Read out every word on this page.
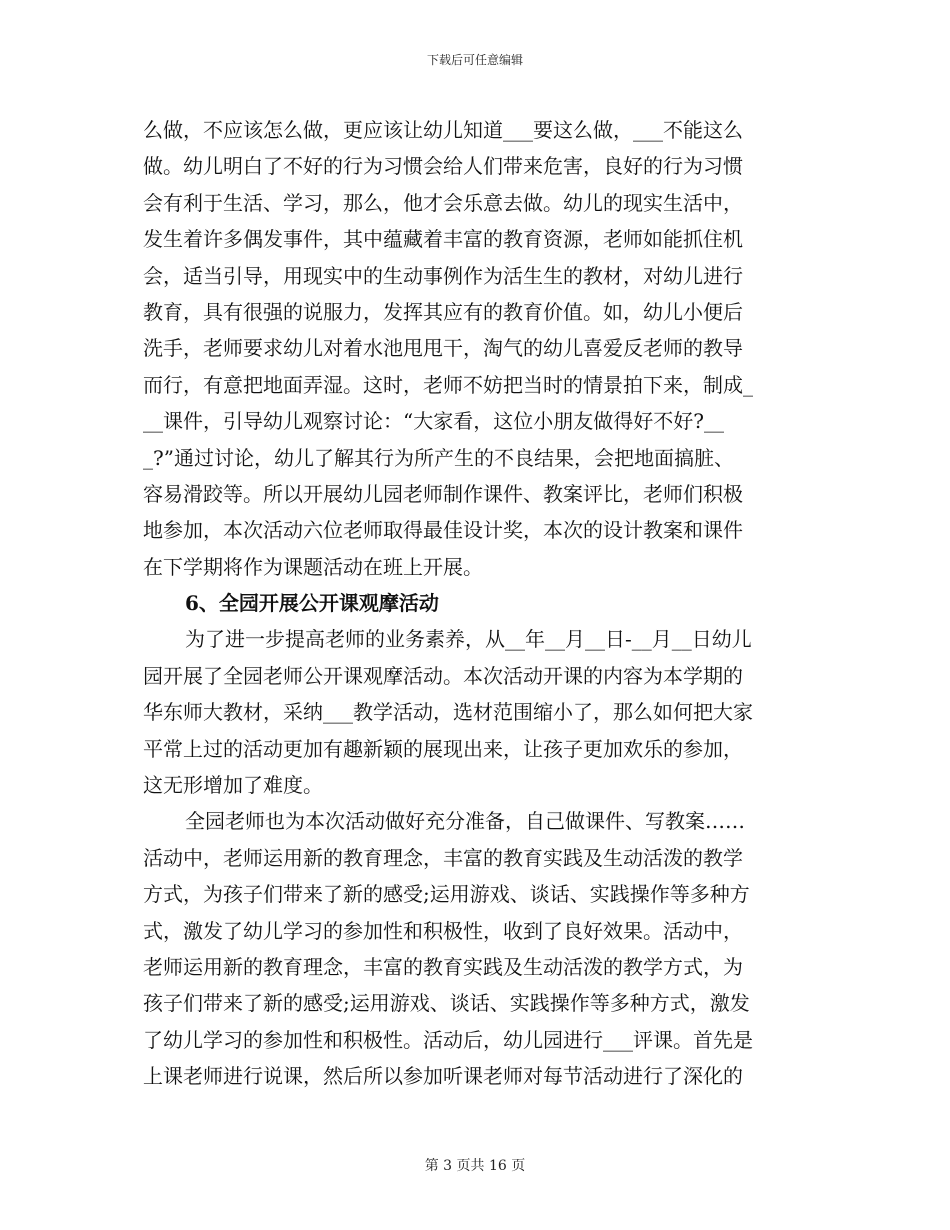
下载后可任意编辑
么做，不应该怎么做，更应该让幼儿知道___要这么做，___不能这么
做。幼儿明白了不好的行为习惯会给人们带来危害，良好的行为习惯
会有利于生活、学习，那么，他才会乐意去做。幼儿的现实生活中，
发生着许多偶发事件，其中蕴藏着丰富的教育资源，老师如能抓住机
会，适当引导，用现实中的生动事例作为活生生的教材，对幼儿进行
教育，具有很强的说服力，发挥其应有的教育价值。如，幼儿小便后
洗手，老师要求幼儿对着水池甩甩干，淘气的幼儿喜爱反老师的教导
而行，有意把地面弄湿。这时，老师不妨把当时的情景拍下来，制成_
__课件，引导幼儿观察讨论：“大家看，这位小朋友做得好不好?__
_?”通过讨论，幼儿了解其行为所产生的不良结果，会把地面搞脏、
容易滑跤等。所以开展幼儿园老师制作课件、教案评比，老师们积极
地参加，本次活动六位老师取得最佳设计奖，本次的设计教案和课件
在下学期将作为课题活动在班上开展。
6、全园开展公开课观摩活动
为了进一步提高老师的业务素养，从__年__月__日-__月__日幼儿
园开展了全园老师公开课观摩活动。本次活动开课的内容为本学期的
华东师大教材，采纳___教学活动，选材范围缩小了，那么如何把大家
平常上过的活动更加有趣新颖的展现出来，让孩子更加欢乐的参加，
这无形增加了难度。
全园老师也为本次活动做好充分准备，自己做课件、写教案……
活动中，老师运用新的教育理念，丰富的教育实践及生动活泼的教学
方式，为孩子们带来了新的感受;运用游戏、谈话、实践操作等多种方
式，激发了幼儿学习的参加性和积极性，收到了良好效果。活动中，
老师运用新的教育理念，丰富的教育实践及生动活泼的教学方式，为
孩子们带来了新的感受;运用游戏、谈话、实践操作等多种方式，激发
了幼儿学习的参加性和积极性。活动后，幼儿园进行___评课。首先是
上课老师进行说课，然后所以参加听课老师对每节活动进行了深化的
第 3 页共 16 页
